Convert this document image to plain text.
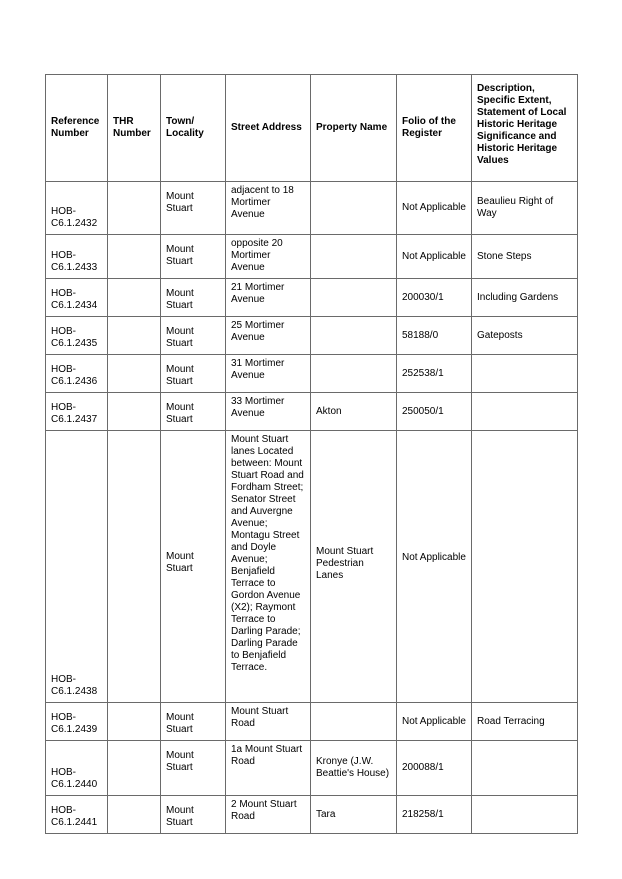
Reference Number	THR Number	Town/ Locality	Street Address	Property Name	Folio of the Register	Description, Specific Extent, Statement of Local Historic Heritage Significance and Historic Heritage Values
HOB-C6.1.2432		Mount Stuart	adjacent to 18 Mortimer Avenue		Not Applicable	Beaulieu Right of Way
HOB-C6.1.2433		Mount Stuart	opposite 20 Mortimer Avenue		Not Applicable	Stone Steps
HOB-C6.1.2434		Mount Stuart	21 Mortimer Avenue		200030/1	Including Gardens
HOB-C6.1.2435		Mount Stuart	25 Mortimer Avenue		58188/0	Gateposts
HOB-C6.1.2436		Mount Stuart	31 Mortimer Avenue		252538/1	
HOB-C6.1.2437		Mount Stuart	33 Mortimer Avenue	Akton	250050/1	
HOB-C6.1.2438		Mount Stuart	Mount Stuart lanes Located between: Mount Stuart Road and Fordham Street; Senator Street and Auvergne Avenue; Montagu Street and Doyle Avenue; Benjafield Terrace to Gordon Avenue (X2); Raymont Terrace to Darling Parade; Darling Parade to Benjafield Terrace.	Mount Stuart Pedestrian Lanes	Not Applicable	
HOB-C6.1.2439		Mount Stuart	Mount Stuart Road		Not Applicable	Road Terracing
HOB-C6.1.2440		Mount Stuart	1a Mount Stuart Road	Kronye (J.W. Beattie's House)	200088/1	
HOB-C6.1.2441		Mount Stuart	2 Mount Stuart Road	Tara	218258/1	
